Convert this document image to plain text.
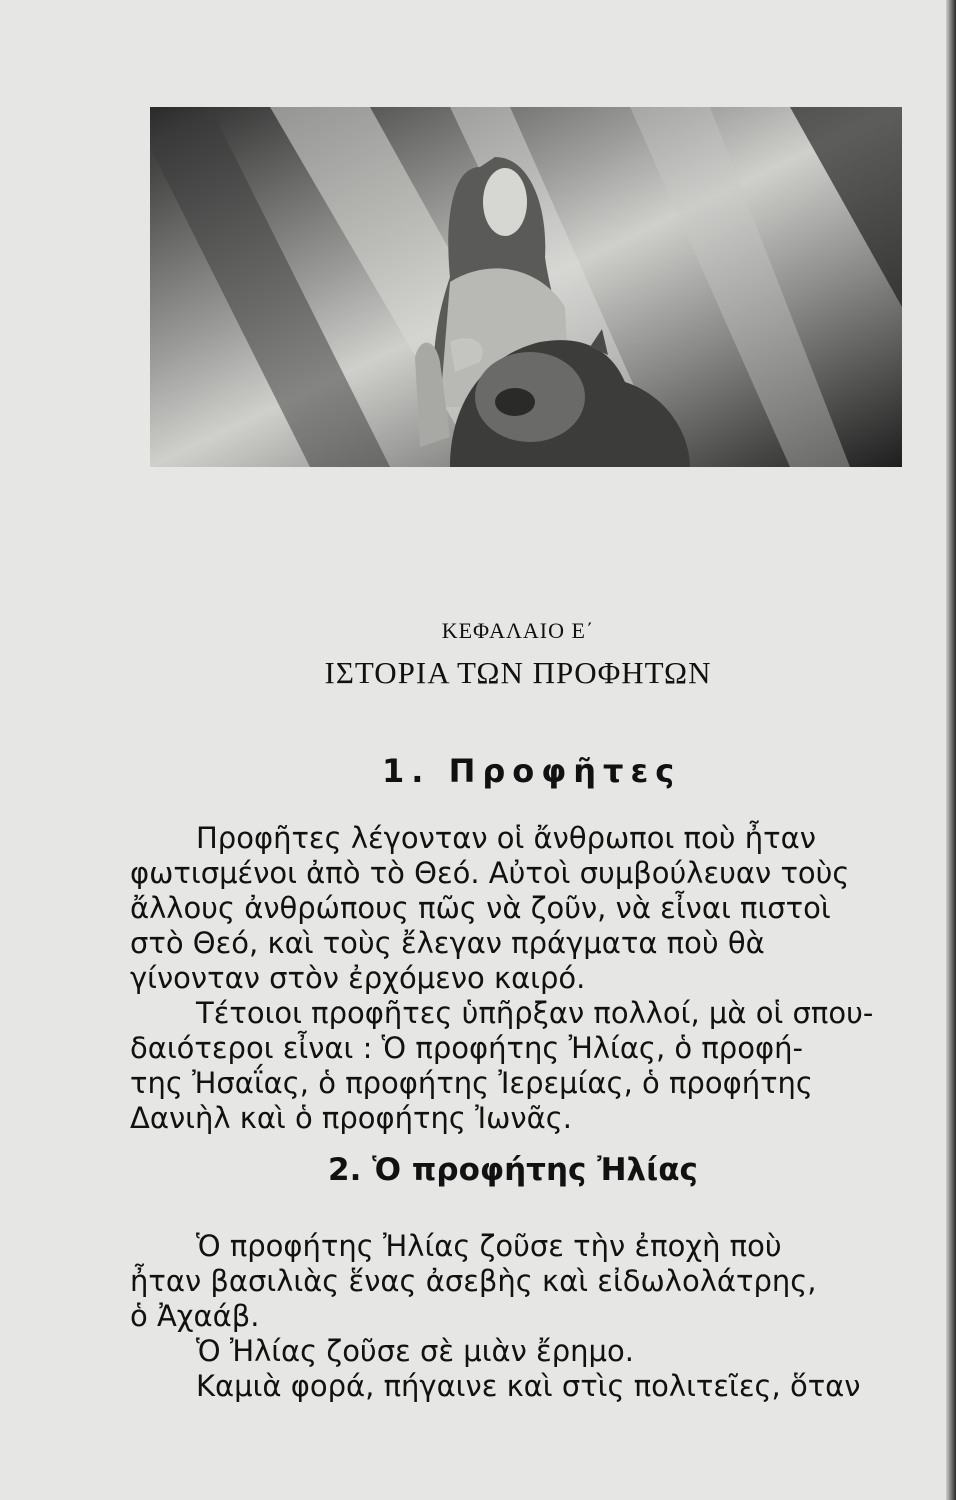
ΚΕΦΑΛΑΙΟ Ε΄

ΙΣΤΟΡΙΑ ΤΩΝ ΠΡΟΦΗΤΩΝ
1. Προφῆτες

Προφῆτες λέγονταν οἱ ἄνθρωποι ποὺ ἦταν

φωτισμένοι ἀπὸ τὸ Θεό. Αὐτοὶ συμβούλευαν τοὺς

ἄλλους ἀνθρώπους πῶς νὰ ζοῦν, νὰ εἶναι πιστοὶ

στὸ Θεό, καὶ τοὺς ἔλεγαν πράγματα ποὺ θὰ

γίνονταν στὸν ἐρχόμενο καιρό.

Τέτοιοι προφῆτες ὑπῆρξαν πολλοί, μὰ οἱ σπου-

δαιότεροι εἶναι : Ὁ προφήτης Ἠλίας, ὁ προφή-

της Ἠσαΐας, ὁ προφήτης Ἰερεμίας, ὁ προφήτης

Δανιὴλ καὶ ὁ προφήτης Ἰωνᾶς.

2. Ὁ προφήτης Ἠλίας

Ὁ προφήτης Ἠλίας ζοῦσε τὴν ἐποχὴ ποὺ

ἦταν βασιλιὰς ἕνας ἀσεβὴς καὶ εἰδωλολάτρης,

ὁ Ἀχαάβ.

Ὁ Ἠλίας ζοῦσε σὲ μιὰν ἔρημο.

Καμιὰ φορά, πήγαινε καὶ στὶς πολιτεῖες, ὅταν
